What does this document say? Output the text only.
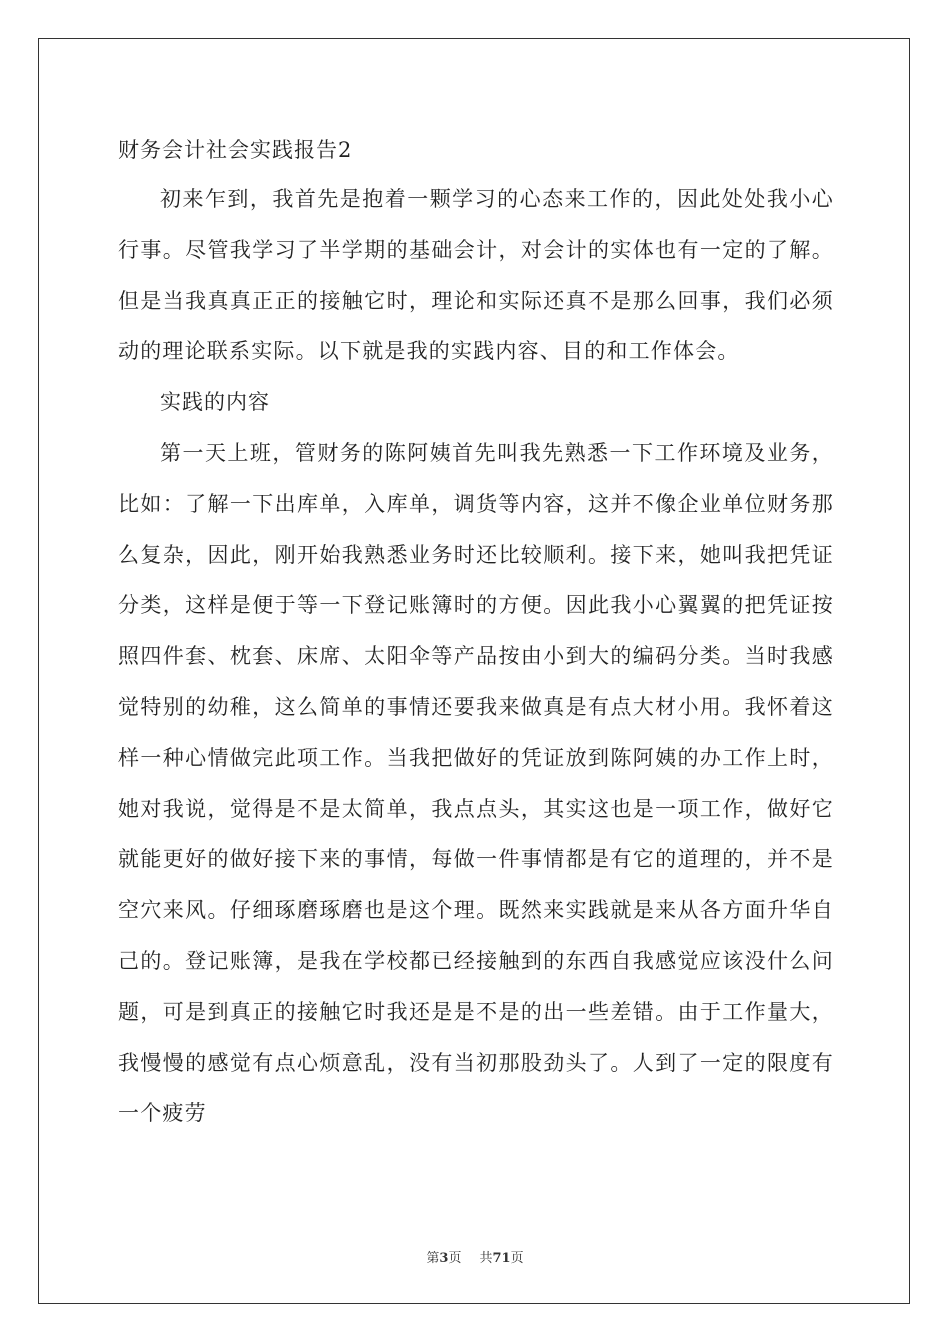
财务会计社会实践报告2

初来乍到，我首先是抱着一颗学习的心态来工作的，因此处处我小心行事。尽管我学习了半学期的基础会计，对会计的实体也有一定的了解。但是当我真真正正的接触它时，理论和实际还真不是那么回事，我们必须动的理论联系实际。以下就是我的实践内容、目的和工作体会。

实践的内容

第一天上班，管财务的陈阿姨首先叫我先熟悉一下工作环境及业务，比如：了解一下出库单，入库单，调货等内容，这并不像企业单位财务那么复杂，因此，刚开始我熟悉业务时还比较顺利。接下来，她叫我把凭证分类，这样是便于等一下登记账簿时的方便。因此我小心翼翼的把凭证按照四件套、枕套、床席、太阳伞等产品按由小到大的编码分类。当时我感觉特别的幼稚，这么简单的事情还要我来做真是有点大材小用。我怀着这样一种心情做完此项工作。当我把做好的凭证放到陈阿姨的办工作上时，她对我说，觉得是不是太简单，我点点头，其实这也是一项工作，做好它就能更好的做好接下来的事情，每做一件事情都是有它的道理的，并不是空穴来风。仔细琢磨琢磨也是这个理。既然来实践就是来从各方面升华自己的。登记账簿，是我在学校都已经接触到的东西自我感觉应该没什么问题，可是到真正的接触它时我还是是不是的出一些差错。由于工作量大，我慢慢的感觉有点心烦意乱，没有当初那股劲头了。人到了一定的限度有一个疲劳

第3页 共71页
